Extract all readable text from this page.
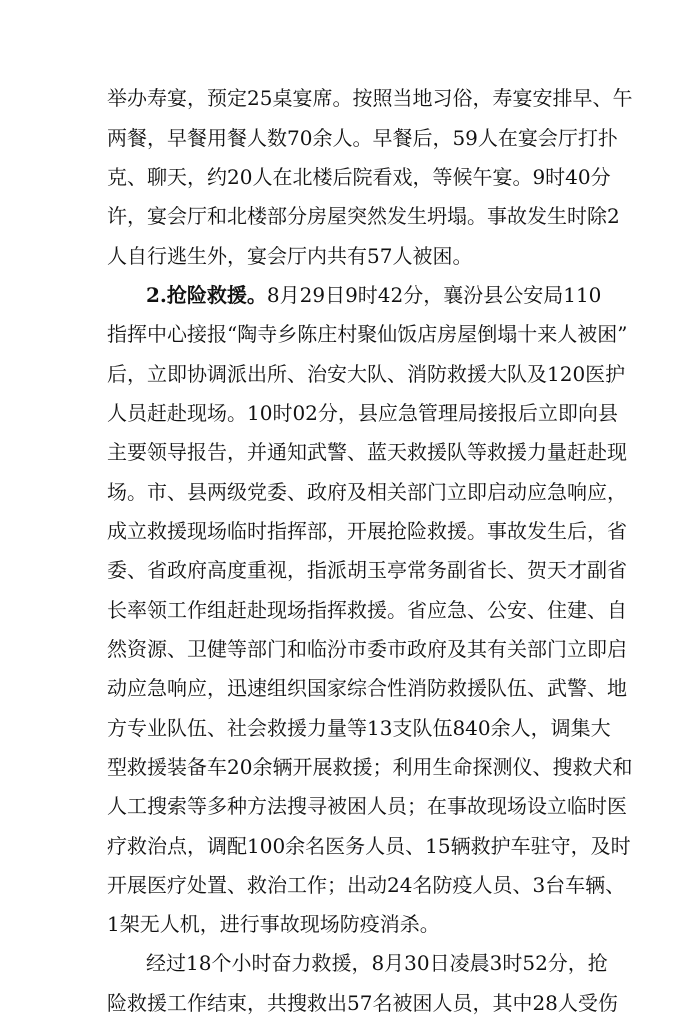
举办寿宴，预定25桌宴席。按照当地习俗，寿宴安排早、午
两餐，早餐用餐人数70余人。早餐后，59人在宴会厅打扑
克、聊天，约20人在北楼后院看戏，等候午宴。9时40分
许，宴会厅和北楼部分房屋突然发生坍塌。事故发生时除2
人自行逃生外，宴会厅内共有57人被困。
2.抢险救援。8月29日9时42分，襄汾县公安局110
指挥中心接报“陶寺乡陈庄村聚仙饭店房屋倒塌十来人被困”
后，立即协调派出所、治安大队、消防救援大队及120医护
人员赶赴现场。10时02分，县应急管理局接报后立即向县
主要领导报告，并通知武警、蓝天救援队等救援力量赶赴现
场。市、县两级党委、政府及相关部门立即启动应急响应，
成立救援现场临时指挥部，开展抢险救援。事故发生后，省
委、省政府高度重视，指派胡玉亭常务副省长、贺天才副省
长率领工作组赶赴现场指挥救援。省应急、公安、住建、自
然资源、卫健等部门和临汾市委市政府及其有关部门立即启
动应急响应，迅速组织国家综合性消防救援队伍、武警、地
方专业队伍、社会救援力量等13支队伍840余人，调集大
型救援装备车20余辆开展救援；利用生命探测仪、搜救犬和
人工搜索等多种方法搜寻被困人员；在事故现场设立临时医
疗救治点，调配100余名医务人员、15辆救护车驻守，及时
开展医疗处置、救治工作；出动24名防疫人员、3台车辆、
1架无人机，进行事故现场防疫消杀。
经过18个小时奋力救援，8月30日凌晨3时52分，抢
险救援工作结束，共搜救出57名被困人员，其中28人受伤
